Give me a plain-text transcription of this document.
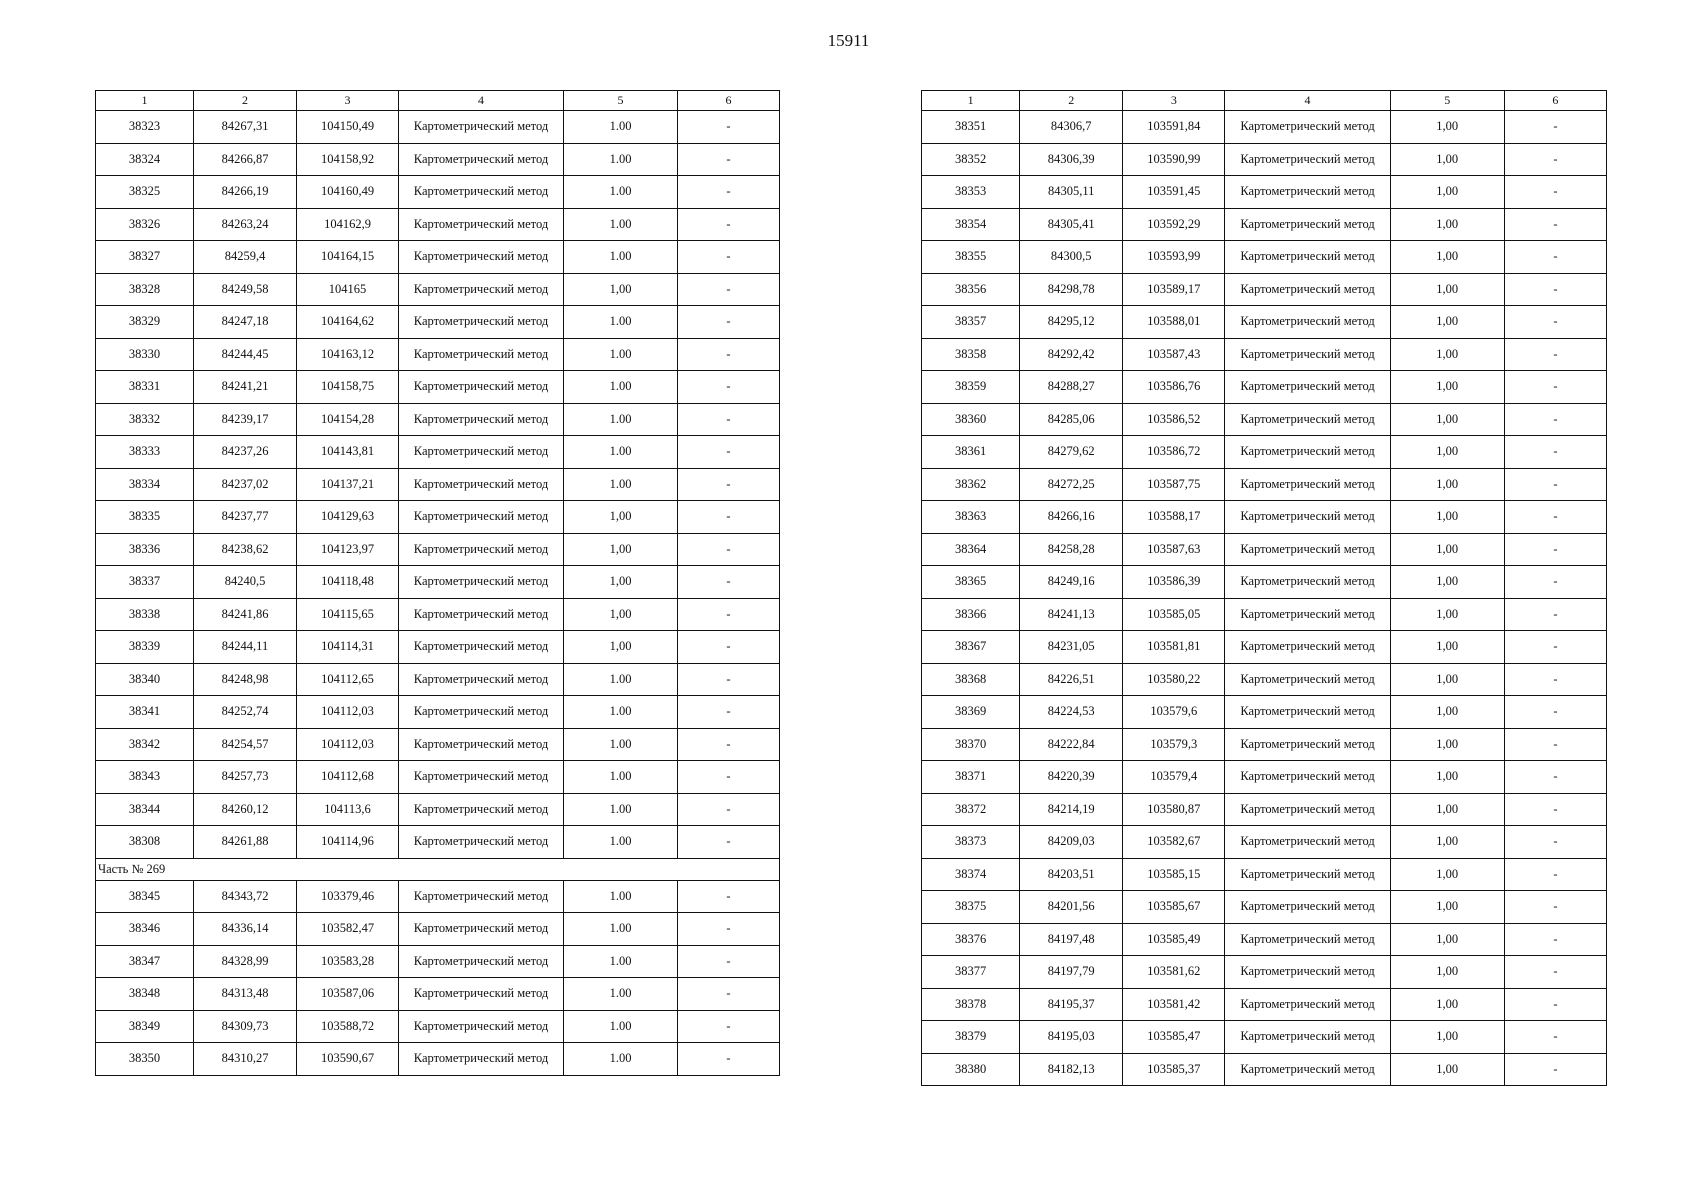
15911
1	2	3	4	5	6
38323	84267,31	104150,49	Картометрический метод	1.00	-
38324	84266,87	104158,92	Картометрический метод	1.00	-
38325	84266,19	104160,49	Картометрический метод	1.00	-
38326	84263,24	104162,9	Картометрический метод	1.00	-
38327	84259,4	104164,15	Картометрический метод	1.00	-
38328	84249,58	104165	Картометрический метод	1,00	-
38329	84247,18	104164,62	Картометрический метод	1.00	-
38330	84244,45	104163,12	Картометрический метод	1.00	-
38331	84241,21	104158,75	Картометрический метод	1.00	-
38332	84239,17	104154,28	Картометрический метод	1.00	-
38333	84237,26	104143,81	Картометрический метод	1.00	-
38334	84237,02	104137,21	Картометрический метод	1.00	-
38335	84237,77	104129,63	Картометрический метод	1,00	-
38336	84238,62	104123,97	Картометрический метод	1,00	-
38337	84240,5	104118,48	Картометрический метод	1,00	-
38338	84241,86	104115,65	Картометрический метод	1,00	-
38339	84244,11	104114,31	Картометрический метод	1,00	-
38340	84248,98	104112,65	Картометрический метод	1.00	-
38341	84252,74	104112,03	Картометрический метод	1.00	-
38342	84254,57	104112,03	Картометрический метод	1.00	-
38343	84257,73	104112,68	Картометрический метод	1.00	-
38344	84260,12	104113,6	Картометрический метод	1.00	-
38308	84261,88	104114,96	Картометрический метод	1.00	-
Часть № 269					
38345	84343,72	103379,46	Картометрический метод	1.00	-
38346	84336,14	103582,47	Картометрический метод	1.00	-
38347	84328,99	103583,28	Картометрический метод	1.00	-
38348	84313,48	103587,06	Картометрический метод	1.00	-
38349	84309,73	103588,72	Картометрический метод	1.00	-
38350	84310,27	103590,67	Картометрический метод	1.00	-
1	2	3	4	5	6
38351	84306,7	103591,84	Картометрический метод	1,00	-
38352	84306,39	103590,99	Картометрический метод	1,00	-
38353	84305,11	103591,45	Картометрический метод	1,00	-
38354	84305,41	103592,29	Картометрический метод	1,00	-
38355	84300,5	103593,99	Картометрический метод	1,00	-
38356	84298,78	103589,17	Картометрический метод	1,00	-
38357	84295,12	103588,01	Картометрический метод	1,00	-
38358	84292,42	103587,43	Картометрический метод	1,00	-
38359	84288,27	103586,76	Картометрический метод	1,00	-
38360	84285,06	103586,52	Картометрический метод	1,00	-
38361	84279,62	103586,72	Картометрический метод	1,00	-
38362	84272,25	103587,75	Картометрический метод	1,00	-
38363	84266,16	103588,17	Картометрический метод	1,00	-
38364	84258,28	103587,63	Картометрический метод	1,00	-
38365	84249,16	103586,39	Картометрический метод	1,00	-
38366	84241,13	103585,05	Картометрический метод	1,00	-
38367	84231,05	103581,81	Картометрический метод	1,00	-
38368	84226,51	103580,22	Картометрический метод	1,00	-
38369	84224,53	103579,6	Картометрический метод	1,00	-
38370	84222,84	103579,3	Картометрический метод	1,00	-
38371	84220,39	103579,4	Картометрический метод	1,00	-
38372	84214,19	103580,87	Картометрический метод	1,00	-
38373	84209,03	103582,67	Картометрический метод	1,00	-
38374	84203,51	103585,15	Картометрический метод	1,00	-
38375	84201,56	103585,67	Картометрический метод	1,00	-
38376	84197,48	103585,49	Картометрический метод	1,00	-
38377	84197,79	103581,62	Картометрический метод	1,00	-
38378	84195,37	103581,42	Картометрический метод	1,00	-
38379	84195,03	103585,47	Картометрический метод	1,00	-
38380	84182,13	103585,37	Картометрический метод	1,00	-
